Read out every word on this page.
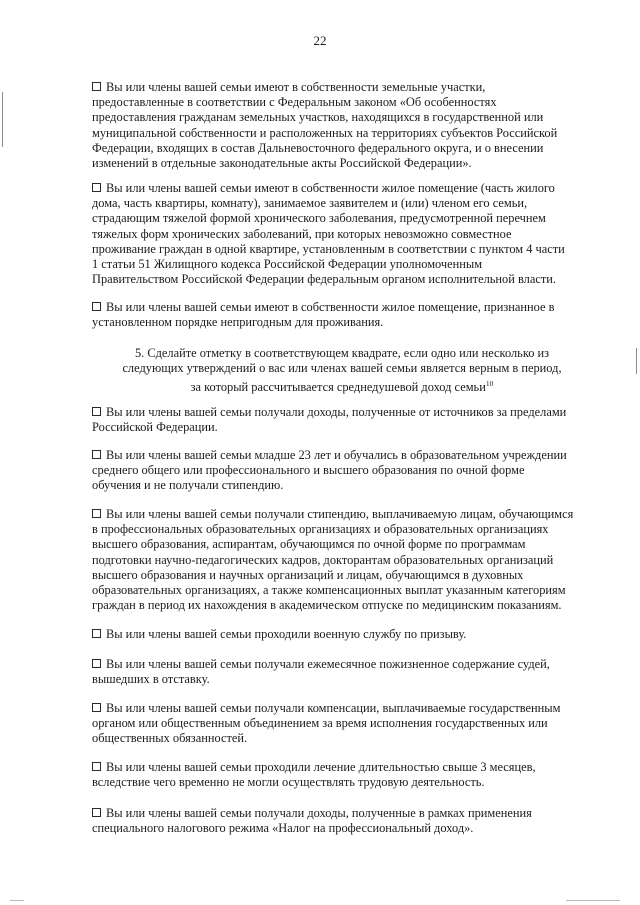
22
Вы или члены вашей семьи имеют в собственности земельные участки,
предоставленные в соответствии с Федеральным законом «Об особенностях
предоставления гражданам земельных участков, находящихся в государственной или
муниципальной собственности и расположенных на территориях субъектов Российской
Федерации, входящих в состав Дальневосточного федерального округа, и о внесении
изменений в отдельные законодательные акты Российской Федерации».
Вы или члены вашей семьи имеют в собственности жилое помещение (часть жилого
дома, часть квартиры, комнату), занимаемое заявителем и (или) членом его семьи,
страдающим тяжелой формой хронического заболевания, предусмотренной перечнем
тяжелых форм хронических заболеваний, при которых невозможно совместное
проживание граждан в одной квартире, установленным в соответствии с пунктом 4 части
1 статьи 51 Жилищного кодекса Российской Федерации уполномоченным
Правительством Российской Федерации федеральным органом исполнительной власти.
Вы или члены вашей семьи имеют в собственности жилое помещение, признанное в
установленном порядке непригодным для проживания.
5. Сделайте отметку в соответствующем квадрате, если одно или несколько из
следующих утверждений о вас или членах вашей семьи является верным в период,
за который рассчитывается среднедушевой доход семьи$^{10}$
Вы или члены вашей семьи получали доходы, полученные от источников за пределами
Российской Федерации.
Вы или члены вашей семьи младше 23 лет и обучались в образовательном учреждении
среднего общего или профессионального и высшего образования по очной форме
обучения и не получали стипендию.
Вы или члены вашей семьи получали стипендию, выплачиваемую лицам, обучающимся
в профессиональных образовательных организациях и образовательных организациях
высшего образования, аспирантам, обучающимся по очной форме по программам
подготовки научно-педагогических кадров, докторантам образовательных организаций
высшего образования и научных организаций и лицам, обучающимся в духовных
образовательных организациях, а также компенсационных выплат указанным категориям
граждан в период их нахождения в академическом отпуске по медицинским показаниям.
Вы или члены вашей семьи проходили военную службу по призыву.
Вы или члены вашей семьи получали ежемесячное пожизненное содержание судей,
вышедших в отставку.
Вы или члены вашей семьи получали компенсации, выплачиваемые государственным
органом или общественным объединением за время исполнения государственных или
общественных обязанностей.
Вы или члены вашей семьи проходили лечение длительностью свыше 3 месяцев,
вследствие чего временно не могли осуществлять трудовую деятельность.
Вы или члены вашей семьи получали доходы, полученные в рамках применения
специального налогового режима «Налог на профессиональный доход».
